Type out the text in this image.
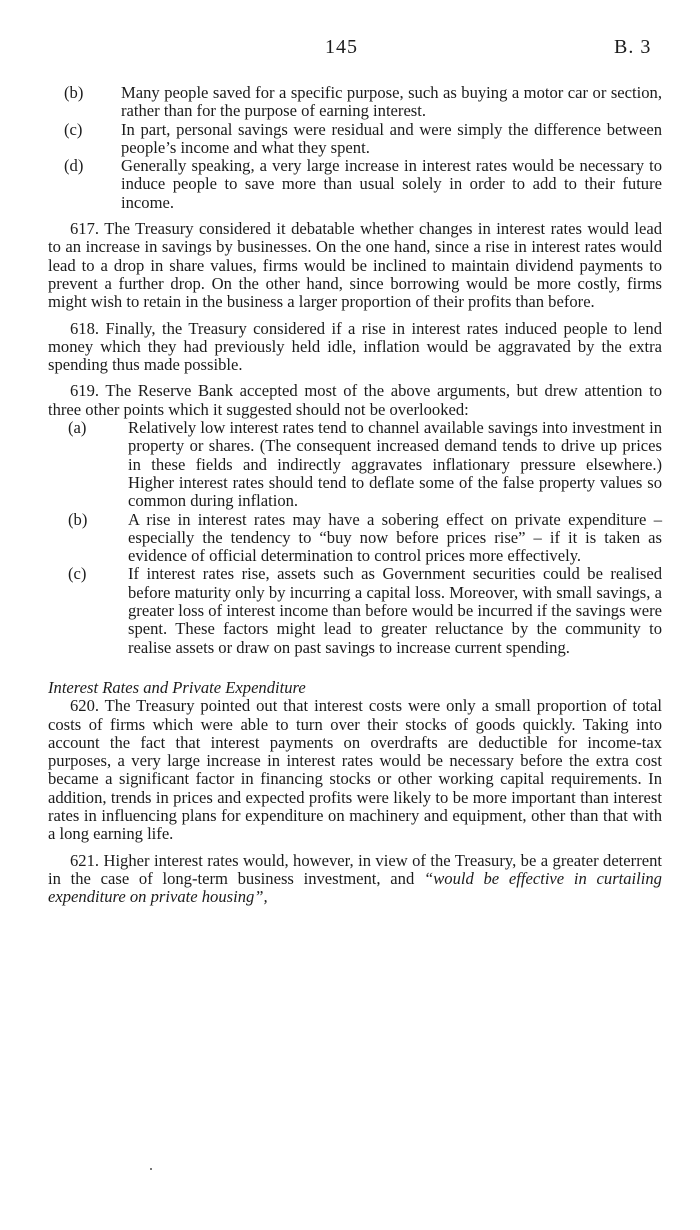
145	B. 3
(b) Many people saved for a specific purpose, such as buying a motor car or section, rather than for the purpose of earning interest.
(c) In part, personal savings were residual and were simply the difference between people’s income and what they spent.
(d) Generally speaking, a very large increase in interest rates would be necessary to induce people to save more than usual solely in order to add to their future income.

617. The Treasury considered it debatable whether changes in interest rates would lead to an increase in savings by businesses. On the one hand, since a rise in interest rates would lead to a drop in share values, firms would be inclined to maintain dividend payments to prevent a further drop. On the other hand, since borrowing would be more costly, firms might wish to retain in the business a larger proportion of their profits than before.

618. Finally, the Treasury considered if a rise in interest rates induced people to lend money which they had previously held idle, inflation would be aggravated by the extra spending thus made possible.

619. The Reserve Bank accepted most of the above arguments, but drew attention to three other points which it suggested should not be overlooked:

(a)	Relatively low interest rates tend to channel available savings into investment in property or shares. (The consequent increased demand tends to drive up prices in these fields and indirectly aggravates inflationary pressure elsewhere.) Higher interest rates should tend to deflate some of the false property values so common during inflation.
(b) A rise in interest rates may have a sobering effect on private expenditure – especially the tendency to “buy now before prices rise” – if it is taken as evidence of official determination to control prices more effectively.
(c)	If interest rates rise, assets such as Government securities could be realised before maturity only by incurring a capital loss. Moreover, with small savings, a greater loss of interest income than before would be incurred if the savings were spent. These factors might lead to greater reluctance by the community to realise assets or draw on past savings to increase current spending.

Interest Rates and Private Expenditure

620. The Treasury pointed out that interest costs were only a small proportion of total costs of firms which were able to turn over their stocks of goods quickly. Taking into account the fact that interest payments on overdrafts are deductible for income-tax purposes, a very large increase in interest rates would be necessary before the extra cost became a significant factor in financing stocks or other working capital requirements. In addition, trends in prices and expected profits were likely to be more important than interest rates in influencing plans for expenditure on machinery and equipment, other than that with a long earning life.

621. Higher interest rates would, however, in view of the Treasury, be a greater deterrent in the case of long-term business investment, and “would be effective in curtailing expenditure on private housing”,
